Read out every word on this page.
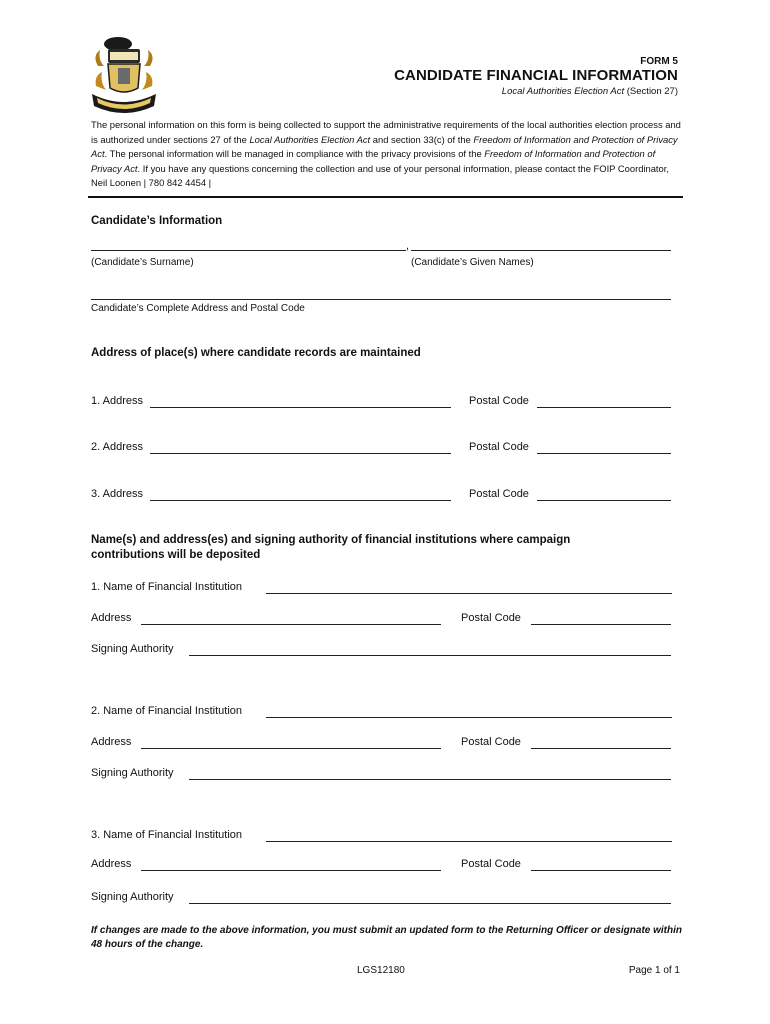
FORM 5
CANDIDATE FINANCIAL INFORMATION
Local Authorities Election Act (Section 27)
The personal information on this form is being collected to support the administrative requirements of the local authorities election process and is authorized under sections 27 of the Local Authorities Election Act and section 33(c) of the Freedom of Information and Protection of Privacy Act. The personal information will be managed in compliance with the privacy provisions of the Freedom of Information and Protection of Privacy Act. If you have any questions concerning the collection and use of your personal information, please contact the FOIP Coordinator, Neil Loonen | 780 842 4454 |
Candidate’s Information
,
(Candidate’s Surname)	(Candidate’s Given Names)
Candidate’s Complete Address and Postal Code
Address of place(s) where candidate records are maintained
1. Address	Postal Code
2. Address	Postal Code
3. Address	Postal Code
Name(s) and address(es) and signing authority of financial institutions where campaign
contributions will be deposited
1. Name of Financial Institution
Address	Postal Code
Signing Authority
2. Name of Financial Institution
Address	Postal Code
Signing Authority
3. Name of Financial Institution
Address	Postal Code
Signing Authority
If changes are made to the above information, you must submit an updated form to the Returning Officer or designate within 48 hours of the change.
LGS12180	Page 1 of 1
